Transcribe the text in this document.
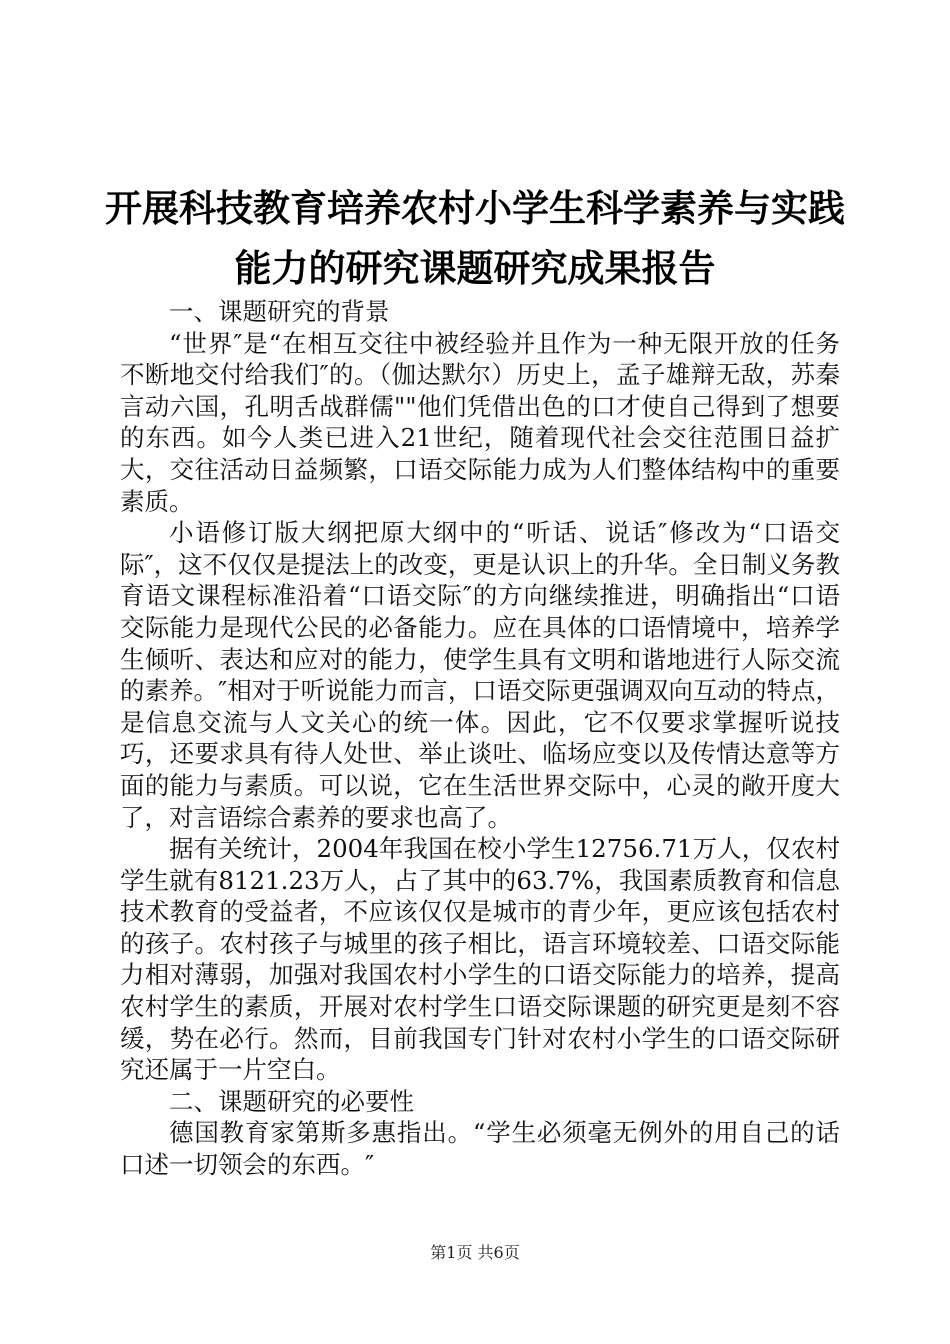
开展科技教育培养农村小学生科学素养与实践
能力的研究课题研究成果报告

一、课题研究的背景

“世界″是“在相互交往中被经验并且作为一种无限开放的任务不断地交付给我们″的。（伽达默尔）历史上，孟子雄辩无敌，苏秦言动六国，孔明舌战群儒""他们凭借出色的口才使自己得到了想要的东西。如今人类已进入21世纪，随着现代社会交往范围日益扩大，交往活动日益频繁，口语交际能力成为人们整体结构中的重要素质。

小语修订版大纲把原大纲中的“听话、说话″修改为“口语交际″，这不仅仅是提法上的改变，更是认识上的升华。全日制义务教育语文课程标准沿着“口语交际″的方向继续推进，明确指出“口语交际能力是现代公民的必备能力。应在具体的口语情境中，培养学生倾听、表达和应对的能力，使学生具有文明和谐地进行人际交流的素养。″相对于听说能力而言，口语交际更强调双向互动的特点，是信息交流与人文关心的统一体。因此，它不仅要求掌握听说技巧，还要求具有待人处世、举止谈吐、临场应变以及传情达意等方面的能力与素质。可以说，它在生活世界交际中，心灵的敞开度大了，对言语综合素养的要求也高了。

据有关统计，2004年我国在校小学生12756.71万人，仅农村学生就有8121.23万人，占了其中的63.7%，我国素质教育和信息技术教育的受益者，不应该仅仅是城市的青少年，更应该包括农村的孩子。农村孩子与城里的孩子相比，语言环境较差、口语交际能力相对薄弱，加强对我国农村小学生的口语交际能力的培养，提高农村学生的素质，开展对农村学生口语交际课题的研究更是刻不容缓，势在必行。然而，目前我国专门针对农村小学生的口语交际研究还属于一片空白。

二、课题研究的必要性

德国教育家第斯多惠指出。“学生必须毫无例外的用自己的话口述一切领会的东西。″

第1页 共6页
